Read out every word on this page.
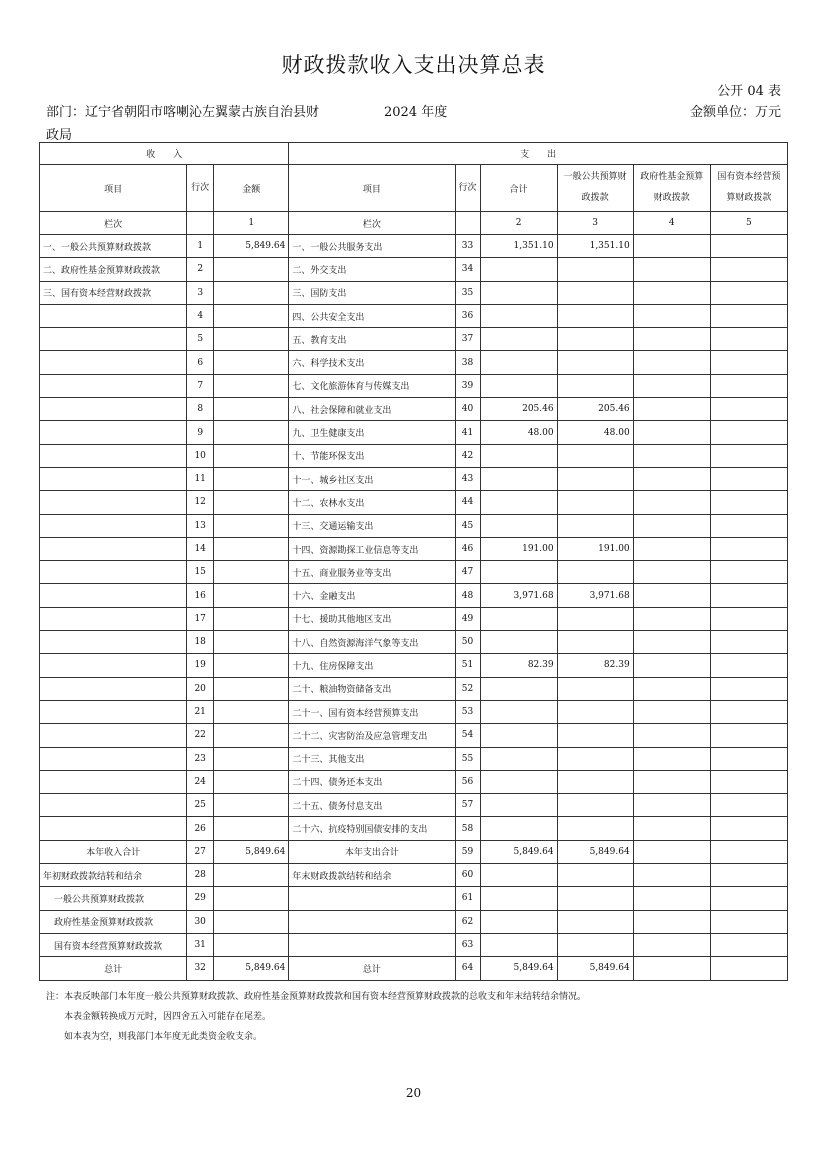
财政拨款收入支出决算总表
公开 04 表
部门：辽宁省朝阳市喀喇沁左翼蒙古族自治县财
政局
2024 年度	金额单位：万元
收　　入			支　　出					
项目	行次	金额	项目	行次	合计	一般公共预算财政拨款	政府性基金预算财政拨款	国有资本经营预算财政拨款
栏次		1	栏次		2	3	4	5
一、一般公共预算财政拨款	1	5,849.64	一、一般公共服务支出	33	1,351.10	1,351.10		
二、政府性基金预算财政拨款	2		二、外交支出	34				
三、国有资本经营财政拨款	3		三、国防支出	35				
	4		四、公共安全支出	36				
	5		五、教育支出	37				
	6		六、科学技术支出	38				
	7		七、文化旅游体育与传媒支出	39				
	8		八、社会保障和就业支出	40	205.46	205.46		
	9		九、卫生健康支出	41	48.00	48.00		
	10		十、节能环保支出	42				
	11		十一、城乡社区支出	43				
	12		十二、农林水支出	44				
	13		十三、交通运输支出	45				
	14		十四、资源勘探工业信息等支出	46	191.00	191.00		
	15		十五、商业服务业等支出	47				
	16		十六、金融支出	48	3,971.68	3,971.68		
	17		十七、援助其他地区支出	49				
	18		十八、自然资源海洋气象等支出	50				
	19		十九、住房保障支出	51	82.39	82.39		
	20		二十、粮油物资储备支出	52				
	21		二十一、国有资本经营预算支出	53				
	22		二十二、灾害防治及应急管理支出	54				
	23		二十三、其他支出	55				
	24		二十四、债务还本支出	56				
	25		二十五、债务付息支出	57				
	26		二十六、抗疫特别国债安排的支出	58				
本年收入合计	27	5,849.64	本年支出合计	59	5,849.64	5,849.64		
年初财政拨款结转和结余	28		年末财政拨款结转和结余	60				
一般公共预算财政拨款	29			61				
政府性基金预算财政拨款	30			62				
国有资本经营预算财政拨款	31			63				
总计	32	5,849.64	总计	64	5,849.64	5,849.64		
注：本表反映部门本年度一般公共预算财政拨款、政府性基金预算财政拨款和国有资本经营预算财政拨款的总收支和年末结转结余情况。
本表金额转换成万元时，因四舍五入可能存在尾差。
如本表为空，则我部门本年度无此类资金收支余。
20
